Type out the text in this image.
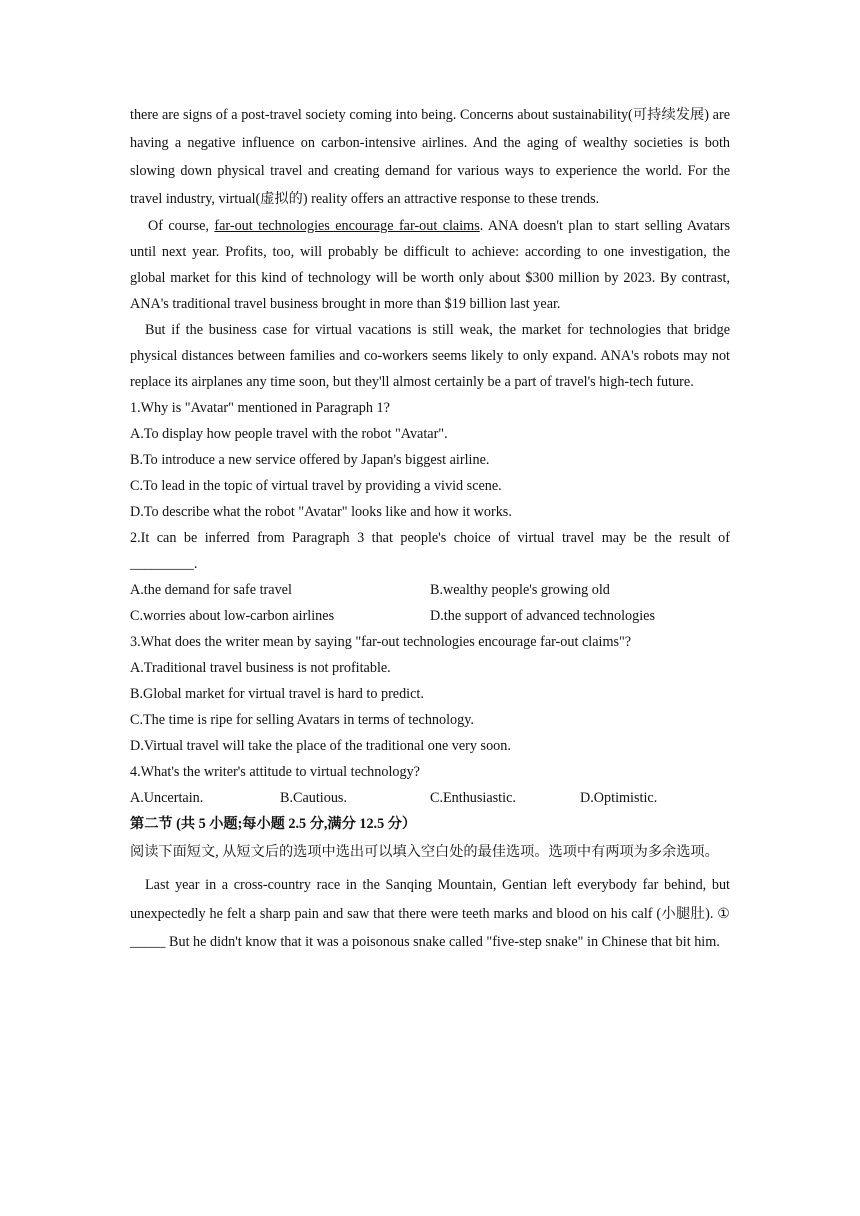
there are signs of a post-travel society coming into being. Concerns about sustainability(可持续发展) are having a negative influence on carbon-intensive airlines. And the aging of wealthy societies is both slowing down physical travel and creating demand for various ways to experience the world. For the travel industry, virtual(虚拟的) reality offers an attractive response to these trends.

Of course, far-out technologies encourage far-out claims. ANA doesn't plan to start selling Avatars until next year. Profits, too, will probably be difficult to achieve: according to one investigation, the global market for this kind of technology will be worth only about $300 million by 2023. By contrast, ANA's traditional travel business brought in more than $19 billion last year.

But if the business case for virtual vacations is still weak, the market for technologies that bridge physical distances between families and co-workers seems likely to only expand. ANA's robots may not replace its airplanes any time soon, but they'll almost certainly be a part of travel's high-tech future.

1.Why is "Avatar" mentioned in Paragraph 1?

A.To display how people travel with the robot "Avatar".

B.To introduce a new service offered by Japan's biggest airline.

C.To lead in the topic of virtual travel by providing a vivid scene.

D.To describe what the robot "Avatar" looks like and how it works.

2.It can be inferred from Paragraph 3 that people's choice of virtual travel may be the result of _________.

A.the demand for safe travel	B.wealthy people's growing old
C.worries about low-carbon airlines	D.the support of advanced technologies

3.What does the writer mean by saying "far-out technologies encourage far-out claims"?

A.Traditional travel business is not profitable.

B.Global market for virtual travel is hard to predict.

C.The time is ripe for selling Avatars in terms of technology.

D.Virtual travel will take the place of the traditional one very soon.

4.What's the writer's attitude to virtual technology?

A.Uncertain.	B.Cautious.	C.Enthusiastic.	D.Optimistic.

第二节 (共 5 小题;每小题 2.5 分,满分 12.5 分）

阅读下面短文, 从短文后的选项中选出可以填入空白处的最佳选项。选项中有两项为多余选项。

Last year in a cross-country race in the Sanqing Mountain, Gentian left everybody far behind, but unexpectedly he felt a sharp pain and saw that there were teeth marks and blood on his calf (小腿肚). ① _____ But he didn't know that it was a poisonous snake called "five-step snake" in Chinese that bit him.
